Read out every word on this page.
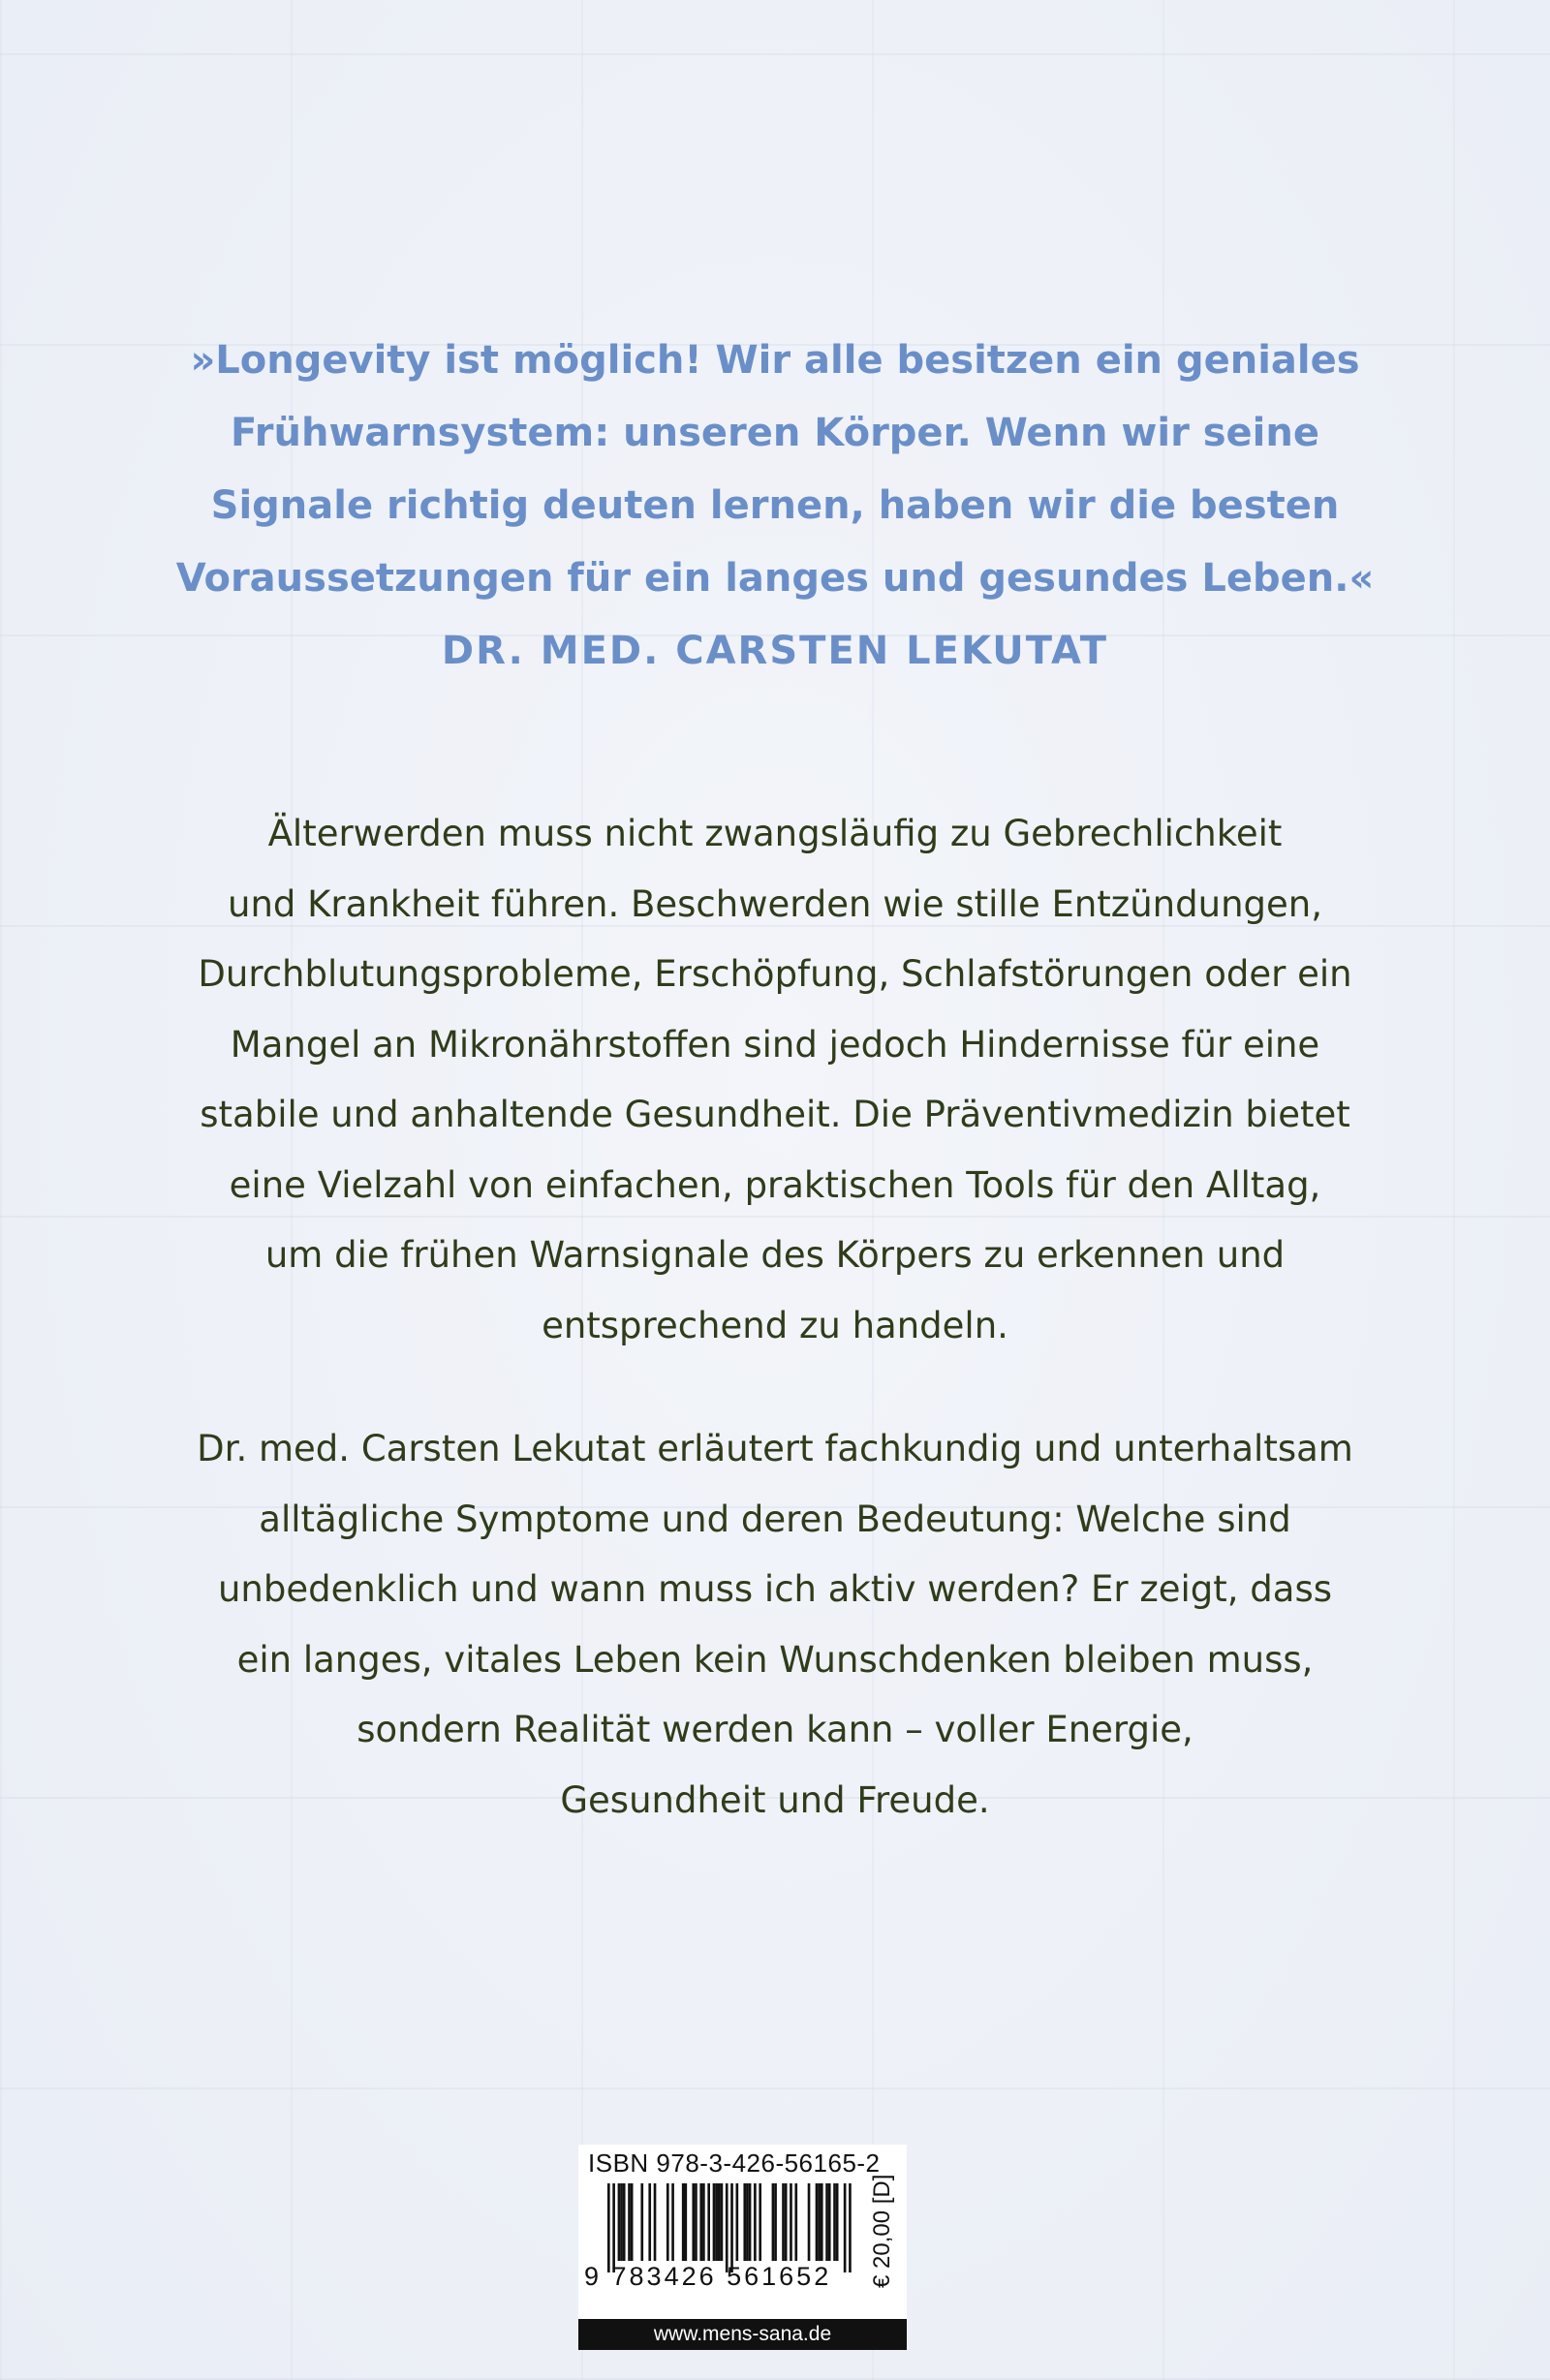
»Longevity ist möglich! Wir alle besitzen ein geniales
Frühwarnsystem: unseren Körper. Wenn wir seine
Signale richtig deuten lernen, haben wir die besten
Voraussetzungen für ein langes und gesundes Leben.«
DR. MED. CARSTEN LEKUTAT
Älterwerden muss nicht zwangsläufig zu Gebrechlichkeit
und Krankheit führen. Beschwerden wie stille Entzündungen,
Durchblutungsprobleme, Erschöpfung, Schlafstörungen oder ein
Mangel an Mikronährstoffen sind jedoch Hindernisse für eine
stabile und anhaltende Gesundheit. Die Präventivmedizin bietet
eine Vielzahl von einfachen, praktischen Tools für den Alltag,
um die frühen Warnsignale des Körpers zu erkennen und
entsprechend zu handeln.
Dr. med. Carsten Lekutat erläutert fachkundig und unterhaltsam
alltägliche Symptome und deren Bedeutung: Welche sind
unbedenklich und wann muss ich aktiv werden? Er zeigt, dass
ein langes, vitales Leben kein Wunschdenken bleiben muss,
sondern Realität werden kann – voller Energie,
Gesundheit und Freude.
ISBN 978-3-426-56165-2
9 783426 561652	€ 20,00 [D]
www.mens-sana.de
